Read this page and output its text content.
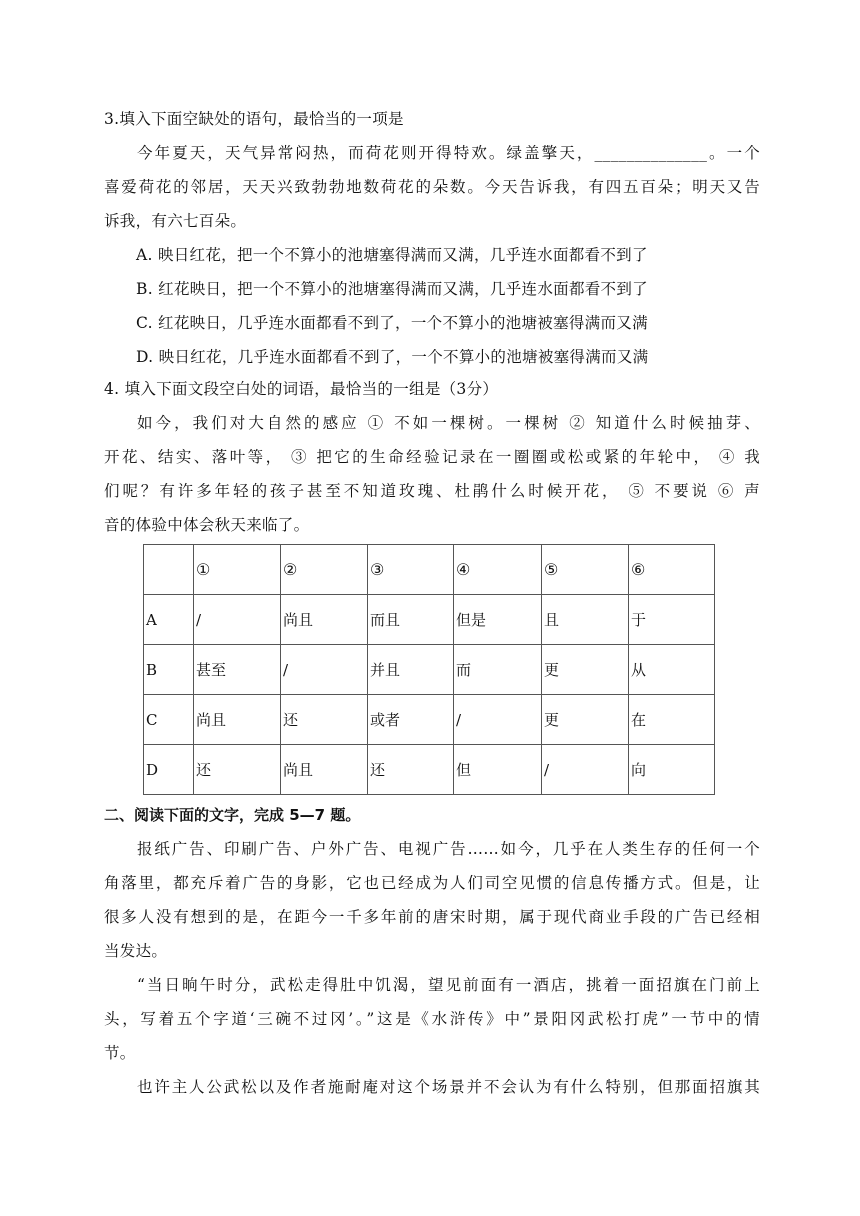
3.填入下面空缺处的语句，最恰当的一项是
今年夏天，天气异常闷热，而荷花则开得特欢。绿盖擎天，______________。一个
喜爱荷花的邻居，天天兴致勃勃地数荷花的朵数。今天告诉我，有四五百朵；明天又告
诉我，有六七百朵。
A. 映日红花，把一个不算小的池塘塞得满而又满，几乎连水面都看不到了
B. 红花映日，把一个不算小的池塘塞得满而又满，几乎连水面都看不到了
C. 红花映日，几乎连水面都看不到了，一个不算小的池塘被塞得满而又满
D. 映日红花，几乎连水面都看不到了，一个不算小的池塘被塞得满而又满
4. 填入下面文段空白处的词语，最恰当的一组是（3分）
如今，我们对大自然的感应 ① 不如一棵树。一棵树 ② 知道什么时候抽芽、
开花、结实、落叶等， ③ 把它的生命经验记录在一圈圈或松或紧的年轮中， ④ 我
们呢？有许多年轻的孩子甚至不知道玫瑰、杜鹃什么时候开花， ⑤ 不要说 ⑥ 声
音的体验中体会秋天来临了。
	①	②	③	④	⑤	⑥
A	/	尚且	而且	但是	且	于
B	甚至	/	并且	而	更	从
C	尚且	还	或者	/	更	在
D	还	尚且	还	但	/	向
二、阅读下面的文字，完成 5—7 题。
报纸广告、印刷广告、户外广告、电视广告……如今，几乎在人类生存的任何一个
角落里，都充斥着广告的身影，它也已经成为人们司空见惯的信息传播方式。但是，让
很多人没有想到的是，在距今一千多年前的唐宋时期，属于现代商业手段的广告已经相
当发达。
“当日晌午时分，武松走得肚中饥渴，望见前面有一酒店，挑着一面招旗在门前上
头，写着五个字道‘三碗不过冈’。”这是《水浒传》中”景阳冈武松打虎”一节中的情
节。
也许主人公武松以及作者施耐庵对这个场景并不会认为有什么特别，但那面招旗其
